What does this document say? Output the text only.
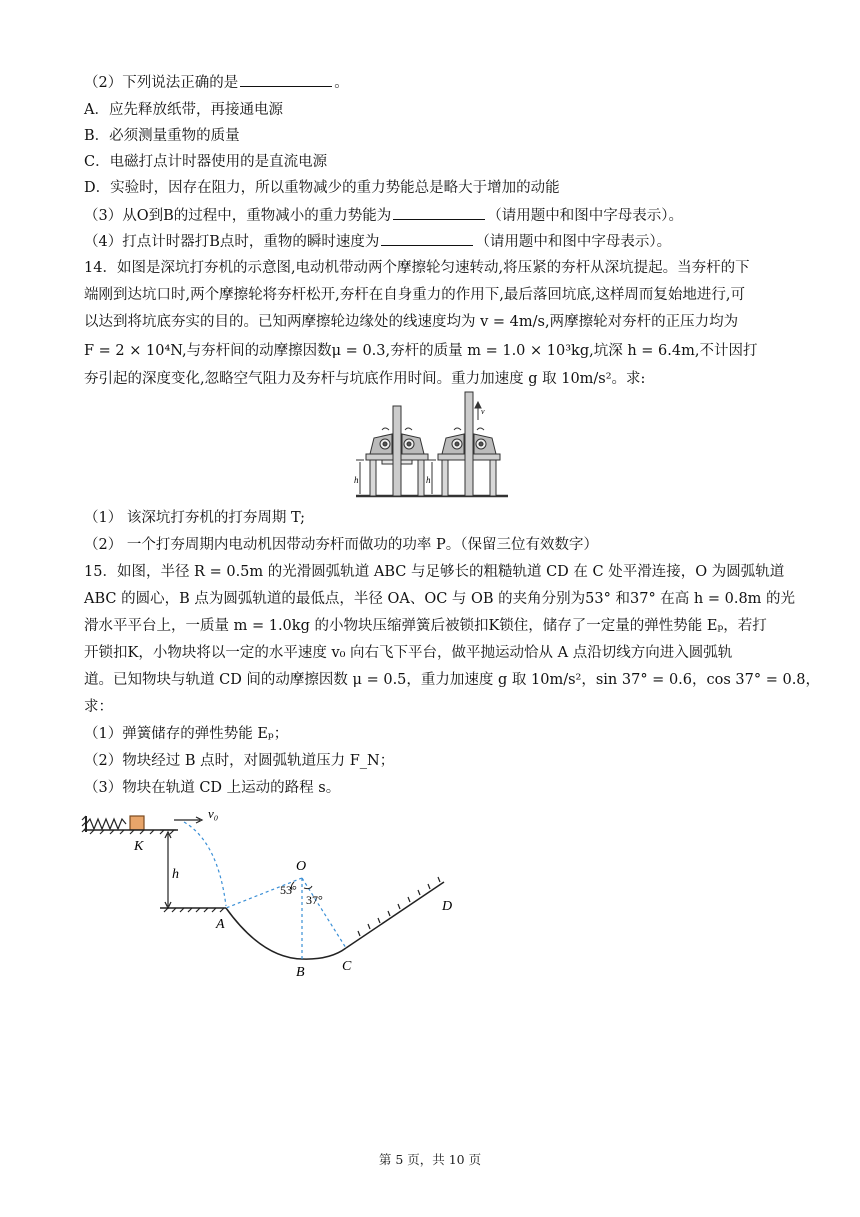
（2）下列说法正确的是	。
A．应先释放纸带，再接通电源
B．必须测量重物的质量
C．电磁打点计时器使用的是直流电源
D．实验时，因存在阻力，所以重物减少的重力势能总是略大于增加的动能
（3）从O到B的过程中，重物减小的重力势能为	（请用题中和图中字母表示）。
（4）打点计时器打B点时，重物的瞬时速度为	（请用题中和图中字母表示）。
14．如图是深坑打夯机的示意图,电动机带动两个摩擦轮匀速转动,将压紧的夯杆从深坑提起。当夯杆的下
端刚到达坑口时,两个摩擦轮将夯杆松开,夯杆在自身重力的作用下,最后落回坑底,这样周而复始地进行,可
以达到将坑底夯实的目的。已知两摩擦轮边缘处的线速度均为 v = 4m/s,两摩擦轮对夯杆的正压力均为
F = 2 × 10⁴N,与夯杆间的动摩擦因数μ = 0.3,夯杆的质量 m = 1.0 × 10³kg,坑深 h = 6.4m,不计因打
夯引起的深度变化,忽略空气阻力及夯杆与坑底作用时间。重力加速度 g 取 10m/s²。求:
h	h
v
（1） 该深坑打夯机的打夯周期 T;
（2） 一个打夯周期内电动机因带动夯杆而做功的功率 P。（保留三位有效数字）
15．如图，半径 R = 0.5m 的光滑圆弧轨道 ABC 与足够长的粗糙轨道 CD 在 C 处平滑连接，O 为圆弧轨道
ABC 的圆心，B 点为圆弧轨道的最低点，半径 OA、OC 与 OB 的夹角分别为53° 和37° 在高 h = 0.8m 的光
滑水平平台上，一质量 m = 1.0kg 的小物块压缩弹簧后被锁扣K锁住，储存了一定量的弹性势能 Eₚ，若打
开锁扣K，小物块将以一定的水平速度 v₀ 向右飞下平台，做平抛运动恰从 A 点沿切线方向进入圆弧轨
道。已知物块与轨道 CD 间的动摩擦因数 μ = 0.5，重力加速度 g 取 10m/s²，sin 37° = 0.6，cos 37° = 0.8，
求：
（1）弹簧储存的弹性势能 Eₚ；
（2）物块经过 B 点时，对圆弧轨道压力 F_N；
（3）物块在轨道 CD 上运动的路程 s。
v₀
K
h
O
53°
37°
A
B	C
D
第 5 页，共 10 页
